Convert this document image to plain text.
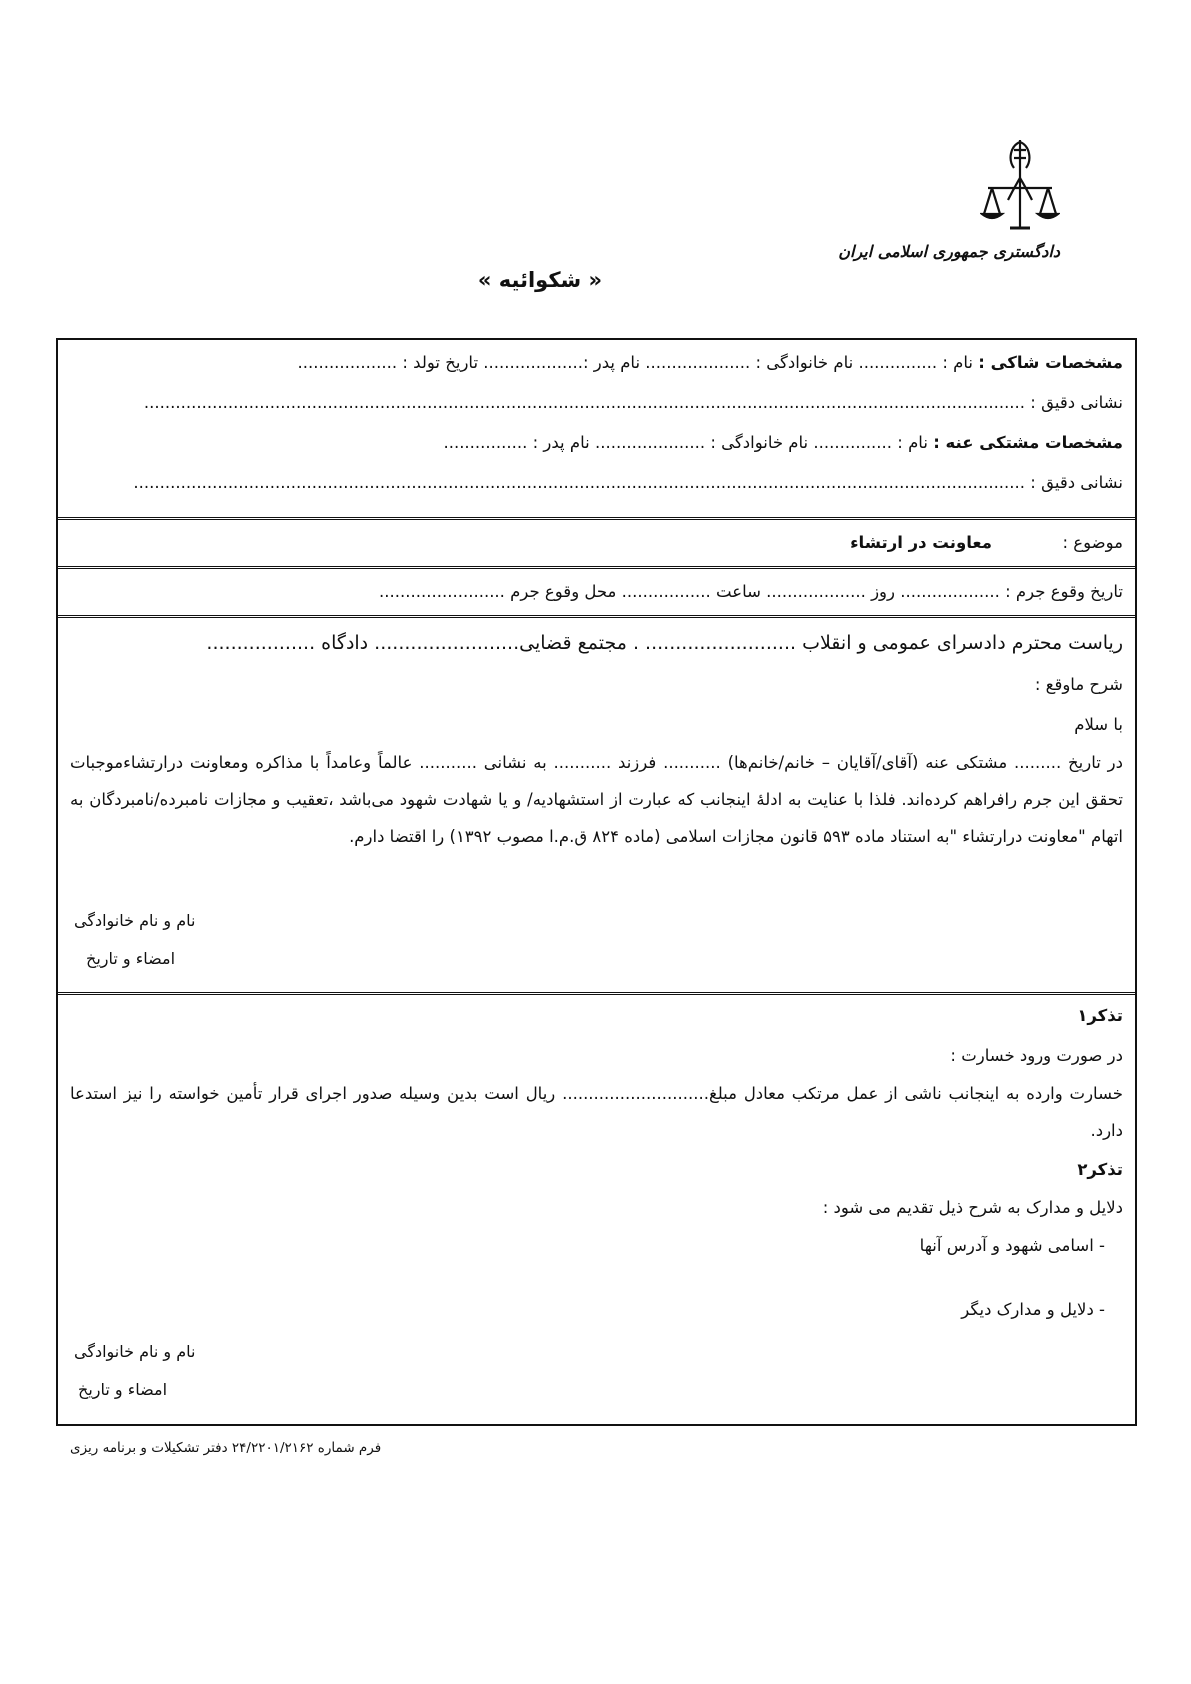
دادگستری جمهوری اسلامی ایران
« شکوائیه »
مشخصات شاکی : نام : ............... نام خانوادگی : .................... نام پدر :................... تاریخ تولد : ...................
نشانی دقیق : ........................................................................................................................................................................
مشخصات مشتکی عنه : نام : ............... نام خانوادگی : ..................... نام پدر : ................
نشانی دقیق : ..........................................................................................................................................................................
موضوع :  معاونت در ارتشاء
تاریخ وقوع جرم : ................... روز ................... ساعت ................. محل وقوع جرم ........................
ریاست محترم دادسرای عمومی و انقلاب ......................... . مجتمع قضایی........................ دادگاه ..................
شرح ماوقع :
با سلام
در تاریخ ......... مشتکی عنه (آقای/آقایان – خانم/خانم‌ها) ........... فرزند ........... به نشانی ........... عالماً وعامداً با مذاکره ومعاونت درارتشاءموجبات تحقق این جرم رافراهم کرده‌اند. فلذا با عنایت به ادلۀ اینجانب که عبارت از استشهادیه/ و یا شهادت شهود می‌باشد ،تعقیب و مجازات نامبرده/نامبردگان به اتهام "معاونت درارتشاء "به استناد ماده ۵۹۳ قانون مجازات اسلامی (ماده ۸۲۴ ق.م.ا مصوب ۱۳۹۲) را اقتضا دارم.
نام و نام خانوادگی
امضاء و تاریخ
تذکر۱
در صورت ورود خسارت :
خسارت وارده به اینجانب ناشی از عمل مرتکب معادل مبلغ............................ ریال است بدین وسیله صدور اجرای قرار تأمین خواسته را نیز استدعا دارد.
تذکر۲
دلایل و مدارک به شرح ذیل تقدیم می شود :
- اسامی شهود و آدرس آنها
- دلایل و مدارک دیگر
نام و نام خانوادگی
امضاء و تاریخ
فرم شماره ۲۴/۲۲۰۱/۲۱۶۲ دفتر تشکیلات و برنامه ریزی
